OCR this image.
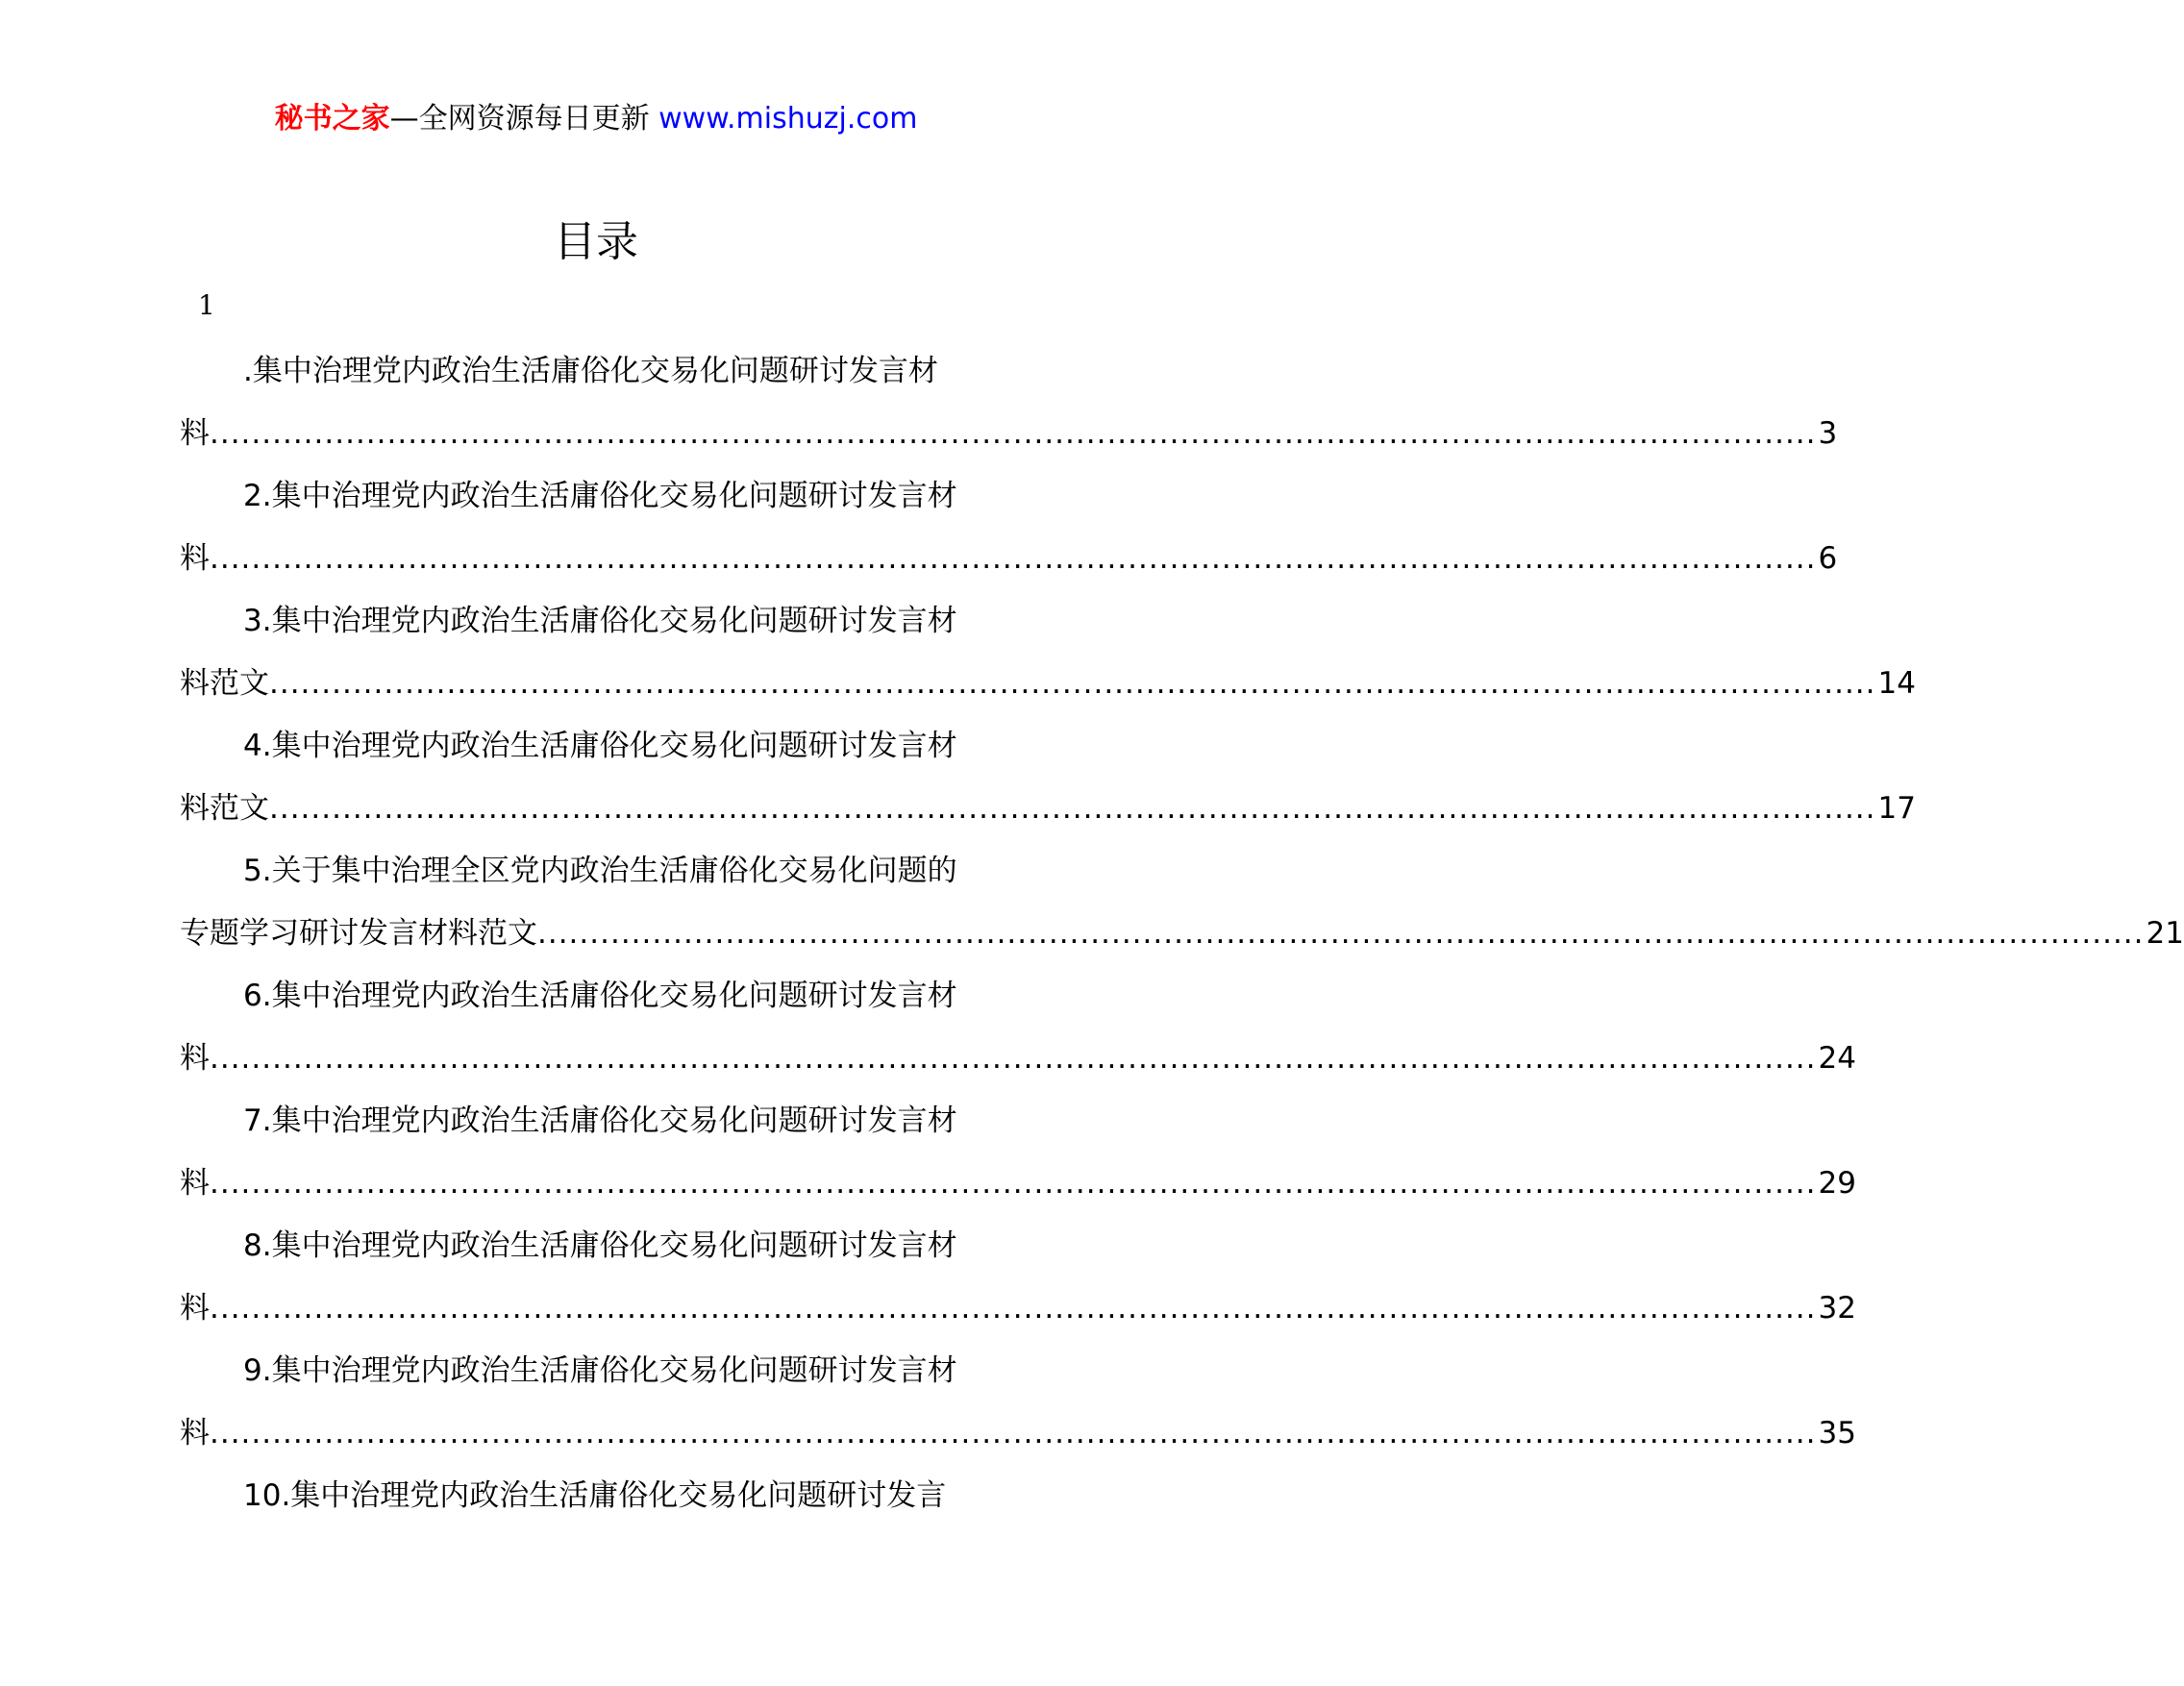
秘书之家—全网资源每日更新 www.mishuzj.com
目录
1
.集中治理党内政治生活庸俗化交易化问题研讨发言材
料 .......................................................................................................................................................... 3
2.集中治理党内政治生活庸俗化交易化问题研讨发言材
料 .......................................................................................................................................................... 6
3.集中治理党内政治生活庸俗化交易化问题研讨发言材
料范文 .......................................................................................................................................................... 14
4.集中治理党内政治生活庸俗化交易化问题研讨发言材
料范文 .......................................................................................................................................................... 17
5.关于集中治理全区党内政治生活庸俗化交易化问题的
专题学习研讨发言材料范文 .......................................................................................................................................................... 21
6.集中治理党内政治生活庸俗化交易化问题研讨发言材
料 .......................................................................................................................................................... 24
7.集中治理党内政治生活庸俗化交易化问题研讨发言材
料 .......................................................................................................................................................... 29
8.集中治理党内政治生活庸俗化交易化问题研讨发言材
料 .......................................................................................................................................................... 32
9.集中治理党内政治生活庸俗化交易化问题研讨发言材
料 .......................................................................................................................................................... 35
10.集中治理党内政治生活庸俗化交易化问题研讨发言
